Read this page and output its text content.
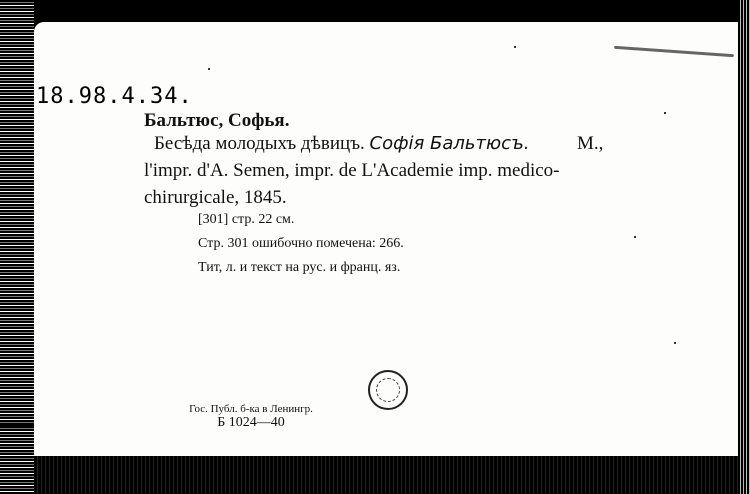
18.98.4.34.
Бальтюс, Софья.
Бесѣда молодыхъ дѣвицъ. Софія Бальтюсъ.	М.,
l'impr. d'A. Semen, impr. de L'Academie imp. medico-
chirurgicale, 1845.
[301] стр. 22 см.
Стр. 301 ошибочно помечена: 266.
Тит, л. и текст на рус. и франц. яз.
Гос. Публ. б-ка в Ленингр.
Б 1024—40
